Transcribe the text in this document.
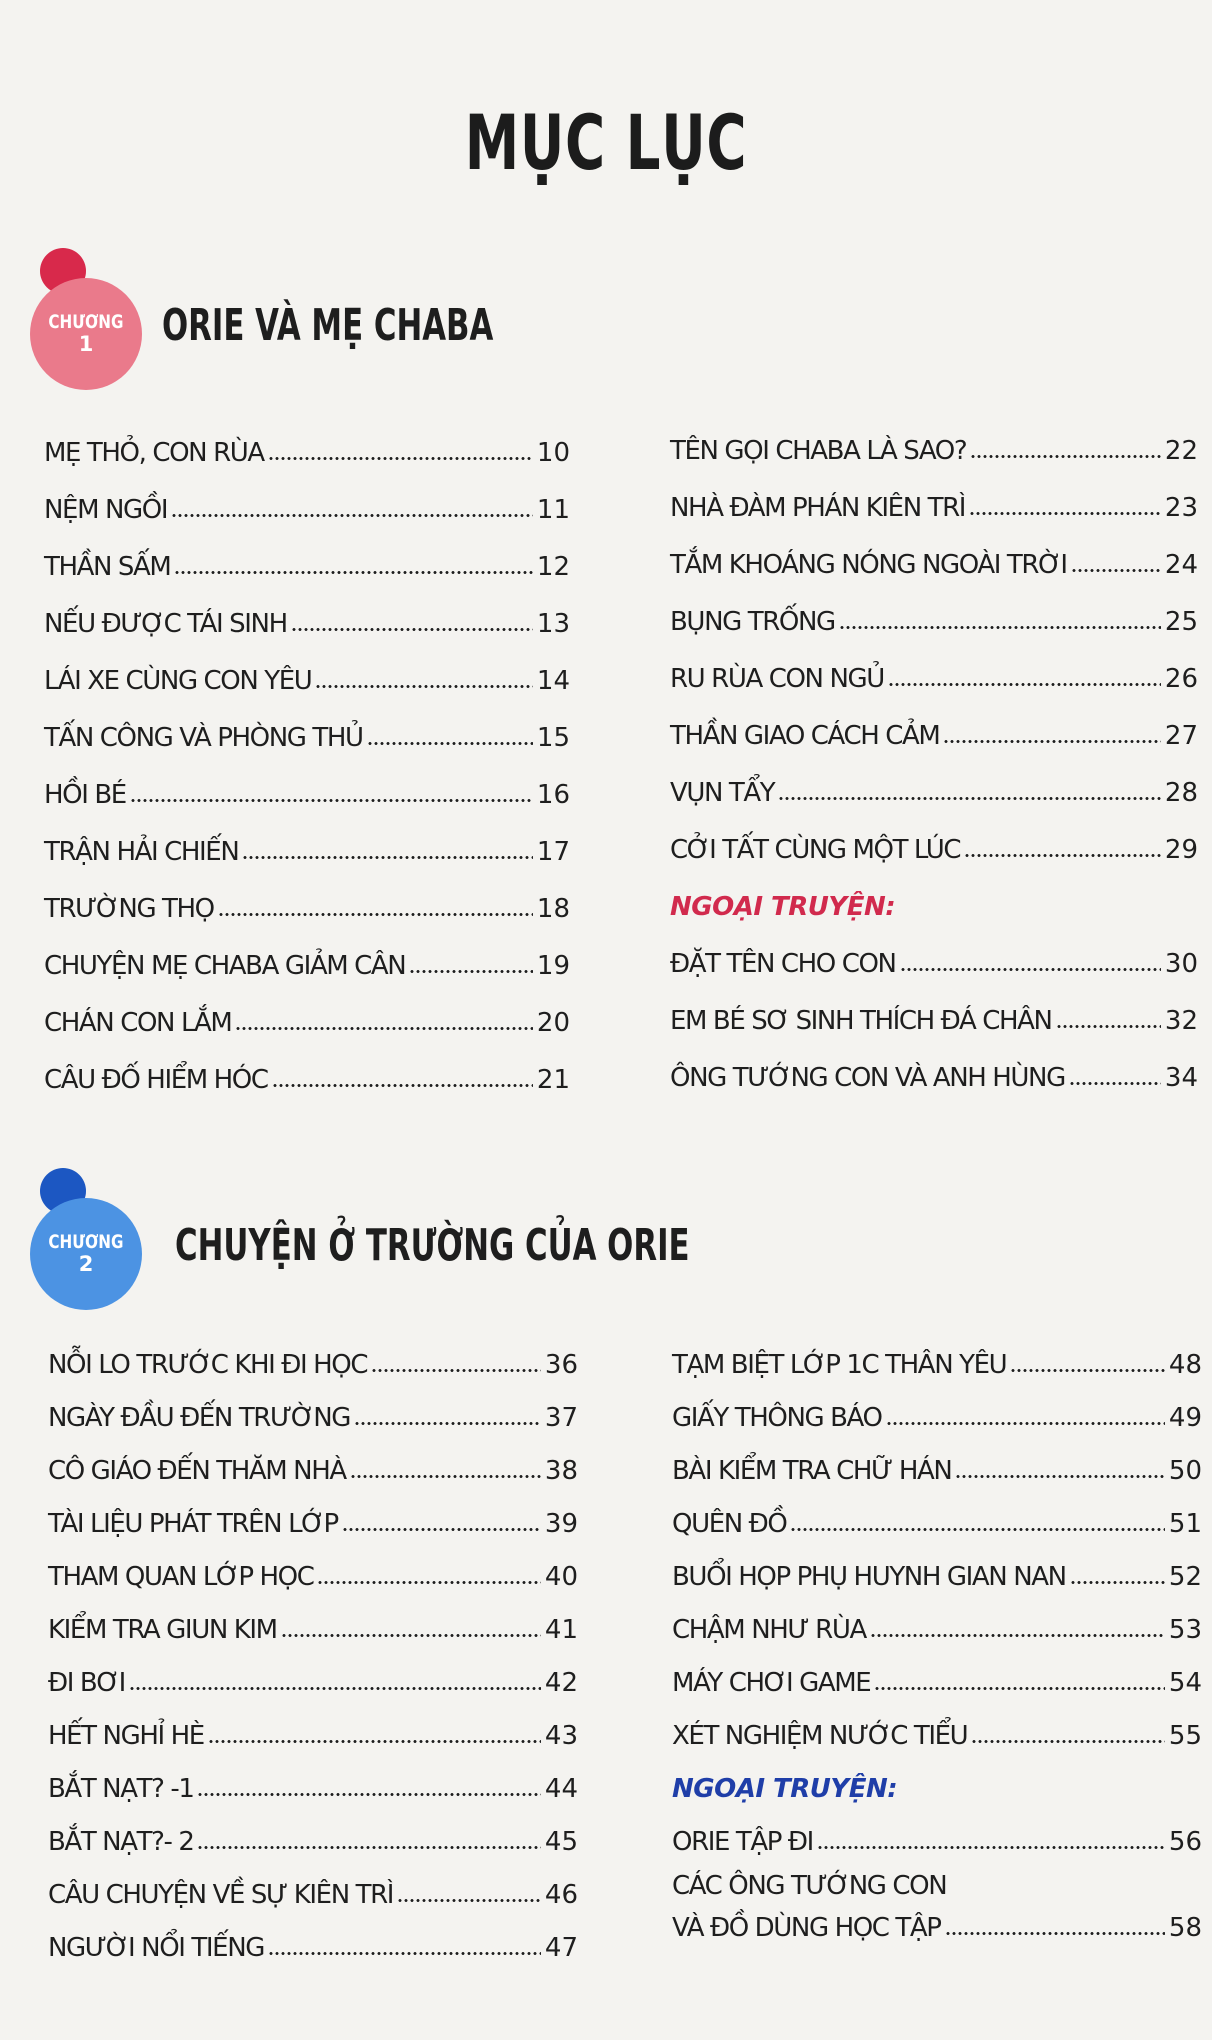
MỤC LỤC
CHƯƠNG
1 ORIE VÀ MẸ CHABA
MẸ THỎ, CON RÙA	10
NỆM NGỒI	11
THẦN SẤM	12
NẾU ĐƯỢC TÁI SINH	13
LÁI XE CÙNG CON YÊU	14
TẤN CÔNG VÀ PHÒNG THỦ	15
HỒI BÉ	16
TRẬN HẢI CHIẾN	17
TRƯỜNG THỌ	18
CHUYỆN MẸ CHABA GIẢM CÂN	19
CHÁN CON LẮM	20
CÂU ĐỐ HIỂM HÓC	21
TÊN GỌI CHABA LÀ SAO?	22
NHÀ ĐÀM PHÁN KIÊN TRÌ	23
TẮM KHOÁNG NÓNG NGOÀI TRỜI	24
BỤNG TRỐNG	25
RU RÙA CON NGỦ	26
THẦN GIAO CÁCH CẢM	27
VỤN TẨY	28
CỞI TẤT CÙNG MỘT LÚC	29
NGOẠI TRUYỆN:
ĐẶT TÊN CHO CON	30
EM BÉ SƠ SINH THÍCH ĐÁ CHÂN	32
ÔNG TƯỚNG CON VÀ ANH HÙNG	34
CHƯƠNG
2 CHUYỆN Ở TRƯỜNG CỦA ORIE
NỖI LO TRƯỚC KHI ĐI HỌC	36
NGÀY ĐẦU ĐẾN TRƯỜNG	37
CÔ GIÁO ĐẾN THĂM NHÀ	38
TÀI LIỆU PHÁT TRÊN LỚP	39
THAM QUAN LỚP HỌC	40
KIỂM TRA GIUN KIM	41
ĐI BƠI	42
HẾT NGHỈ HÈ	43
BẮT NẠT? -1	44
BẮT NẠT?- 2	45
CÂU CHUYỆN VỀ SỰ KIÊN TRÌ	46
NGƯỜI NỔI TIẾNG	47
TẠM BIỆT LỚP 1C THÂN YÊU	48
GIẤY THÔNG BÁO	49
BÀI KIỂM TRA CHỮ HÁN	50
QUÊN ĐỒ	51
BUỔI HỌP PHỤ HUYNH GIAN NAN	52
CHẬM NHƯ RÙA	53
MÁY CHƠI GAME	54
XÉT NGHIỆM NƯỚC TIỂU	55
NGOẠI TRUYỆN:
ORIE TẬP ĐI	56
CÁC ÔNG TƯỚNG CON
VÀ ĐỒ DÙNG HỌC TẬP	58
